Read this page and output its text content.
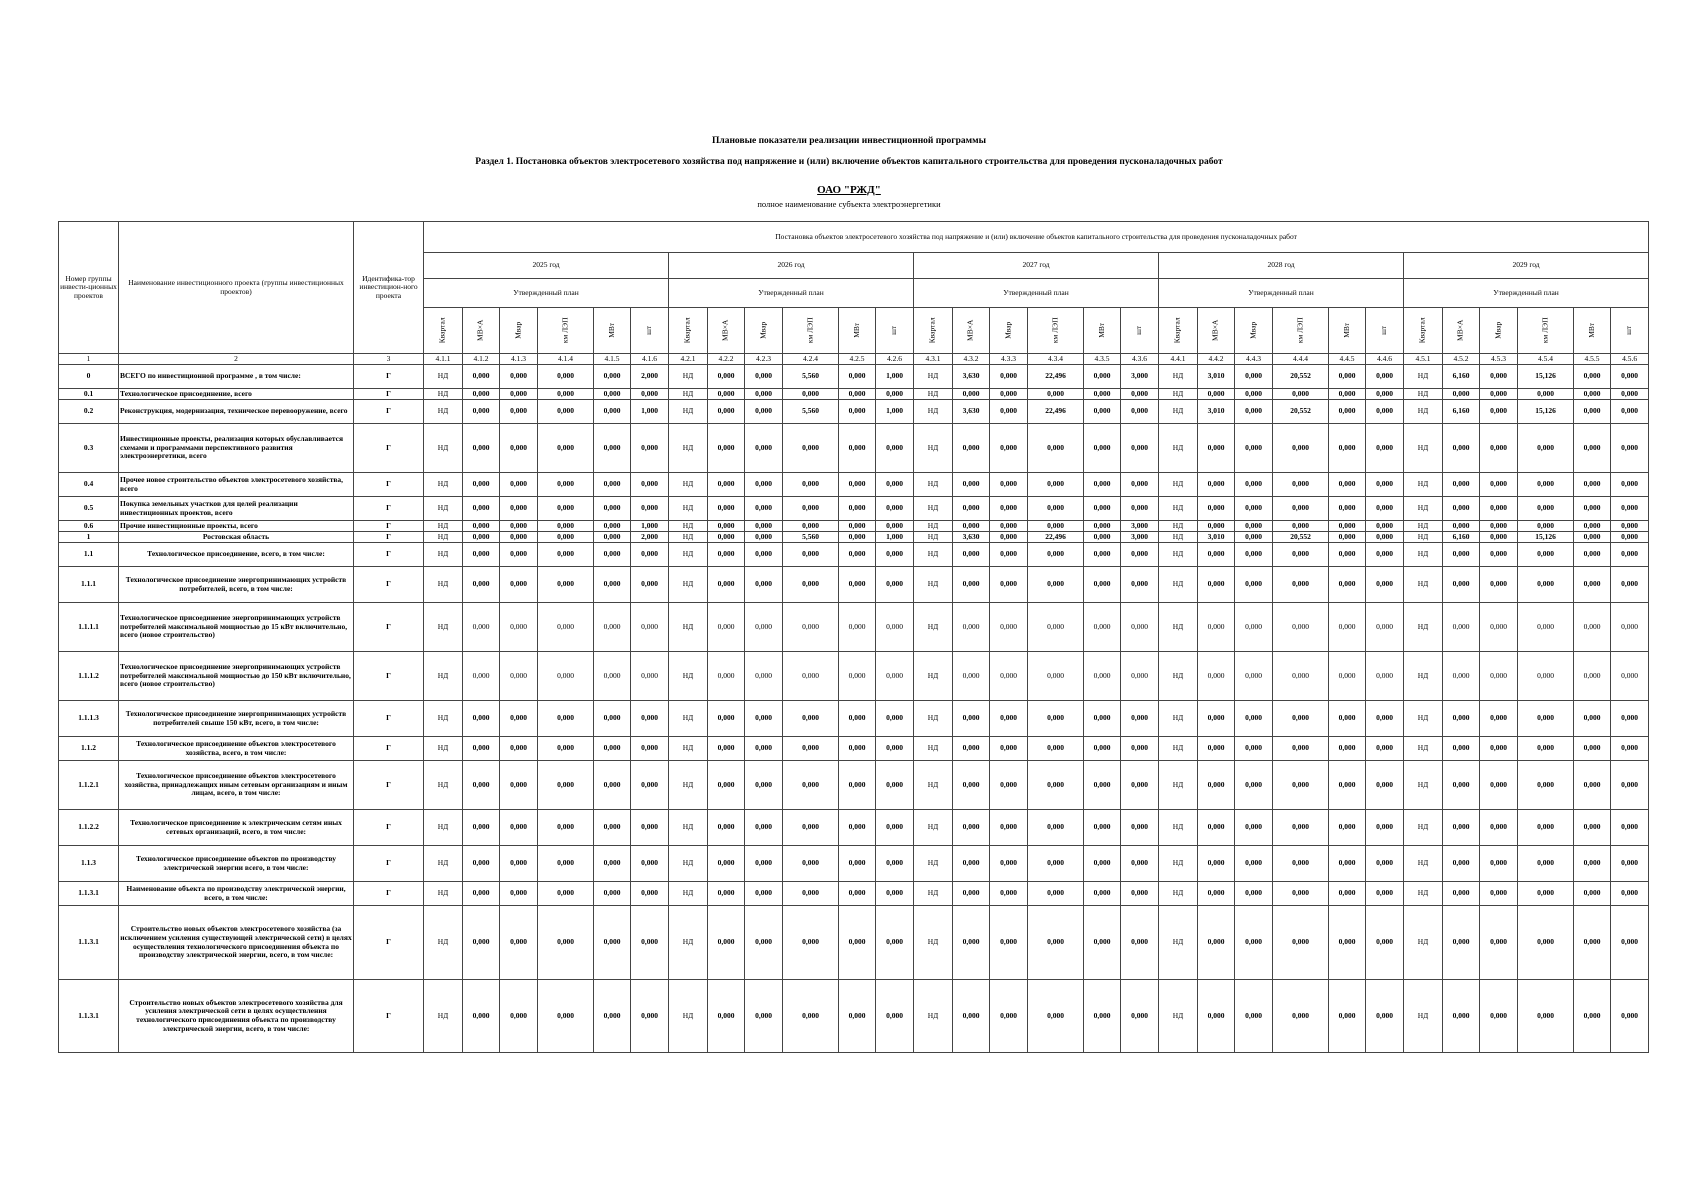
Плановые показатели реализации инвестиционной программы
Раздел 1. Постановка объектов электросетевого хозяйства под напряжение и (или) включение объектов капитального строительства для проведения пусконаладочных работ
ОАО "РЖД"
полное наименование субъекта электроэнергетики
Номер группы инвести-ционных проектов	Наименование инвестиционного проекта (группы инвестиционных проектов)	Идентифика-тор инвестицион-ного проекта	Постановка объектов электросетевого хозяйства под напряжение и (или) включение объектов капитального строительства для проведения пусконаладочных работ																													
			2025 год						2026 год						2027 год						2028 год						2029 год					
			Утвержденный план						Утвержденный план						Утвержденный план						Утвержденный план						Утвержденный план					
			Квартал	МВ×А	Мвар	км ЛЭП	МВт	шт	Квартал	МВ×А	Мвар	км ЛЭП	МВт	шт	Квартал	МВ×А	Мвар	км ЛЭП	МВт	шт	Квартал	МВ×А	Мвар	км ЛЭП	МВт	шт	Квартал	МВ×А	Мвар	км ЛЭП	МВт	шт
1	2	3	4.1.1	4.1.2	4.1.3	4.1.4	4.1.5	4.1.6	4.2.1	4.2.2	4.2.3	4.2.4	4.2.5	4.2.6	4.3.1	4.3.2	4.3.3	4.3.4	4.3.5	4.3.6	4.4.1	4.4.2	4.4.3	4.4.4	4.4.5	4.4.6	4.5.1	4.5.2	4.5.3	4.5.4	4.5.5	4.5.6
0	ВСЕГО по инвестиционной программе , в том числе:	Г	НД	0,000	0,000	0,000	0,000	2,000	НД	0,000	0,000	5,560	0,000	1,000	НД	3,630	0,000	22,496	0,000	3,000	НД	3,010	0,000	20,552	0,000	0,000	НД	6,160	0,000	15,126	0,000	0,000
0.1	Технологическое присоединение, всего	Г	НД	0,000	0,000	0,000	0,000	0,000	НД	0,000	0,000	0,000	0,000	0,000	НД	0,000	0,000	0,000	0,000	0,000	НД	0,000	0,000	0,000	0,000	0,000	НД	0,000	0,000	0,000	0,000	0,000
0.2	Реконструкция, модернизация, техническое перевооружение, всего	Г	НД	0,000	0,000	0,000	0,000	1,000	НД	0,000	0,000	5,560	0,000	1,000	НД	3,630	0,000	22,496	0,000	0,000	НД	3,010	0,000	20,552	0,000	0,000	НД	6,160	0,000	15,126	0,000	0,000
0.3	Инвестиционные проекты, реализация которых обуславливается схемами и программами перспективного развития электроэнергетики, всего	Г	НД	0,000	0,000	0,000	0,000	0,000	НД	0,000	0,000	0,000	0,000	0,000	НД	0,000	0,000	0,000	0,000	0,000	НД	0,000	0,000	0,000	0,000	0,000	НД	0,000	0,000	0,000	0,000	0,000
0.4	Прочее новое строительство объектов электросетевого хозяйства, всего	Г	НД	0,000	0,000	0,000	0,000	0,000	НД	0,000	0,000	0,000	0,000	0,000	НД	0,000	0,000	0,000	0,000	0,000	НД	0,000	0,000	0,000	0,000	0,000	НД	0,000	0,000	0,000	0,000	0,000
0.5	Покупка земельных участков для целей реализации инвестиционных проектов, всего	Г	НД	0,000	0,000	0,000	0,000	0,000	НД	0,000	0,000	0,000	0,000	0,000	НД	0,000	0,000	0,000	0,000	0,000	НД	0,000	0,000	0,000	0,000	0,000	НД	0,000	0,000	0,000	0,000	0,000
0.6	Прочие инвестиционные проекты, всего	Г	НД	0,000	0,000	0,000	0,000	1,000	НД	0,000	0,000	0,000	0,000	0,000	НД	0,000	0,000	0,000	0,000	3,000	НД	0,000	0,000	0,000	0,000	0,000	НД	0,000	0,000	0,000	0,000	0,000
1	Ростовская область	Г	НД	0,000	0,000	0,000	0,000	2,000	НД	0,000	0,000	5,560	0,000	1,000	НД	3,630	0,000	22,496	0,000	3,000	НД	3,010	0,000	20,552	0,000	0,000	НД	6,160	0,000	15,126	0,000	0,000
1.1	Технологическое присоединение, всего, в том числе:	Г	НД	0,000	0,000	0,000	0,000	0,000	НД	0,000	0,000	0,000	0,000	0,000	НД	0,000	0,000	0,000	0,000	0,000	НД	0,000	0,000	0,000	0,000	0,000	НД	0,000	0,000	0,000	0,000	0,000
1.1.1	Технологическое присоединение энергопринимающих устройств потребителей, всего, в том числе:	Г	НД	0,000	0,000	0,000	0,000	0,000	НД	0,000	0,000	0,000	0,000	0,000	НД	0,000	0,000	0,000	0,000	0,000	НД	0,000	0,000	0,000	0,000	0,000	НД	0,000	0,000	0,000	0,000	0,000
1.1.1.1	Технологическое присоединение энергопринимающих устройств потребителей максимальной мощностью до 15 кВт включительно, всего (новое строительство)	Г	НД	0,000	0,000	0,000	0,000	0,000	НД	0,000	0,000	0,000	0,000	0,000	НД	0,000	0,000	0,000	0,000	0,000	НД	0,000	0,000	0,000	0,000	0,000	НД	0,000	0,000	0,000	0,000	0,000
1.1.1.2	Технологическое присоединение энергопринимающих устройств потребителей максимальной мощностью до 150 кВт включительно, всего (новое строительство)	Г	НД	0,000	0,000	0,000	0,000	0,000	НД	0,000	0,000	0,000	0,000	0,000	НД	0,000	0,000	0,000	0,000	0,000	НД	0,000	0,000	0,000	0,000	0,000	НД	0,000	0,000	0,000	0,000	0,000
1.1.1.3	Технологическое присоединение энергопринимающих устройств потребителей свыше 150 кВт, всего, в том числе:	Г	НД	0,000	0,000	0,000	0,000	0,000	НД	0,000	0,000	0,000	0,000	0,000	НД	0,000	0,000	0,000	0,000	0,000	НД	0,000	0,000	0,000	0,000	0,000	НД	0,000	0,000	0,000	0,000	0,000
1.1.2	Технологическое присоединение объектов электросетевого хозяйства, всего, в том числе:	Г	НД	0,000	0,000	0,000	0,000	0,000	НД	0,000	0,000	0,000	0,000	0,000	НД	0,000	0,000	0,000	0,000	0,000	НД	0,000	0,000	0,000	0,000	0,000	НД	0,000	0,000	0,000	0,000	0,000
1.1.2.1	Технологическое присоединение объектов электросетевого хозяйства, принадлежащих иным сетевым организациям и иным лицам, всего, в том числе:	Г	НД	0,000	0,000	0,000	0,000	0,000	НД	0,000	0,000	0,000	0,000	0,000	НД	0,000	0,000	0,000	0,000	0,000	НД	0,000	0,000	0,000	0,000	0,000	НД	0,000	0,000	0,000	0,000	0,000
1.1.2.2	Технологическое присоединение к электрическим сетям иных сетевых организаций, всего, в том числе:	Г	НД	0,000	0,000	0,000	0,000	0,000	НД	0,000	0,000	0,000	0,000	0,000	НД	0,000	0,000	0,000	0,000	0,000	НД	0,000	0,000	0,000	0,000	0,000	НД	0,000	0,000	0,000	0,000	0,000
1.1.3	Технологическое присоединение объектов по производству электрической энергии всего, в том числе:	Г	НД	0,000	0,000	0,000	0,000	0,000	НД	0,000	0,000	0,000	0,000	0,000	НД	0,000	0,000	0,000	0,000	0,000	НД	0,000	0,000	0,000	0,000	0,000	НД	0,000	0,000	0,000	0,000	0,000
1.1.3.1	Наименование объекта по производству электрической энергии, всего, в том числе:	Г	НД	0,000	0,000	0,000	0,000	0,000	НД	0,000	0,000	0,000	0,000	0,000	НД	0,000	0,000	0,000	0,000	0,000	НД	0,000	0,000	0,000	0,000	0,000	НД	0,000	0,000	0,000	0,000	0,000
1.1.3.1	Строительство новых объектов электросетевого хозяйства (за исключением усиления существующей электрической сети) в целях осуществления технологического присоединения объекта по производству электрической энергии, всего, в том числе:	Г	НД	0,000	0,000	0,000	0,000	0,000	НД	0,000	0,000	0,000	0,000	0,000	НД	0,000	0,000	0,000	0,000	0,000	НД	0,000	0,000	0,000	0,000	0,000	НД	0,000	0,000	0,000	0,000	0,000
1.1.3.1	Строительство новых объектов электросетевого хозяйства для усиления электрической сети в целях осуществления технологического присоединения объекта по производству электрической энергии, всего, в том числе:	Г	НД	0,000	0,000	0,000	0,000	0,000	НД	0,000	0,000	0,000	0,000	0,000	НД	0,000	0,000	0,000	0,000	0,000	НД	0,000	0,000	0,000	0,000	0,000	НД	0,000	0,000	0,000	0,000	0,000
